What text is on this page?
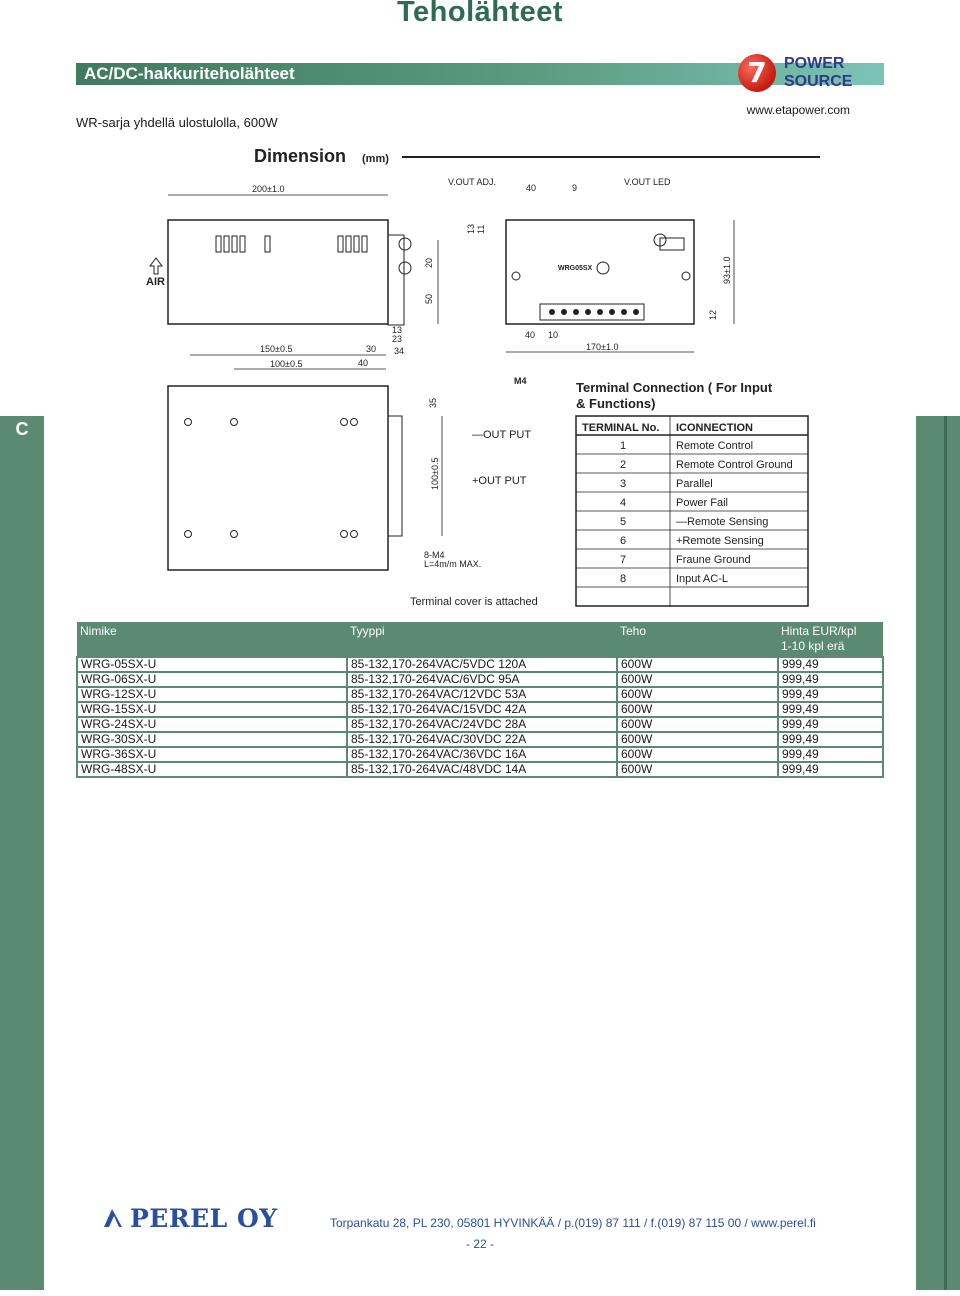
C
Teholähteet
AC/DC-hakkuriteholähteet	7	POWER
SOURCE
WR-sarja yhdellä ulostulolla, 600W
www.etapower.com
Dimension (mm)
AIR
200±1.0
20
50
13
23
34
30
40
150±0.5
100±0.5
WRG05SX
V.OUT ADJ.	V.OUT LED
40	9
13 11
93±1.0
12
40 10
170±1.0
M4
35
100±0.5
—OUT PUT
+OUT PUT
8-M4
L=4m/m MAX.
Terminal cover is attached
Terminal Connection ( For Input
& Functions)
1	Remote Control
2	Remote Control Ground
3	Parallel
4	Power Fail
5	—Remote Sensing
6	+Remote Sensing
7	Fraune Ground
8	Input AC-L
TERMINAL No. ICONNECTION
Nimike	Tyyppi	Teho	Hinta EUR/kpl
1-10 kpl erä
WRG-05SX-U	85-132,170-264VAC/5VDC 120A	600W	999,49
WRG-06SX-U	85-132,170-264VAC/6VDC 95A	600W	999,49
WRG-12SX-U	85-132,170-264VAC/12VDC 53A	600W	999,49
WRG-15SX-U	85-132,170-264VAC/15VDC 42A	600W	999,49
WRG-24SX-U	85-132,170-264VAC/24VDC 28A	600W	999,49
WRG-30SX-U	85-132,170-264VAC/30VDC 22A	600W	999,49
WRG-36SX-U	85-132,170-264VAC/36VDC 16A	600W	999,49
WRG-48SX-U	85-132,170-264VAC/48VDC 14A	600W	999,49
PEREL OY	Torpankatu 28, PL 230, 05801 HYVINKÄÄ / p.(019) 87 111 / f.(019) 87 115 00 / www.perel.fi
- 22 -
